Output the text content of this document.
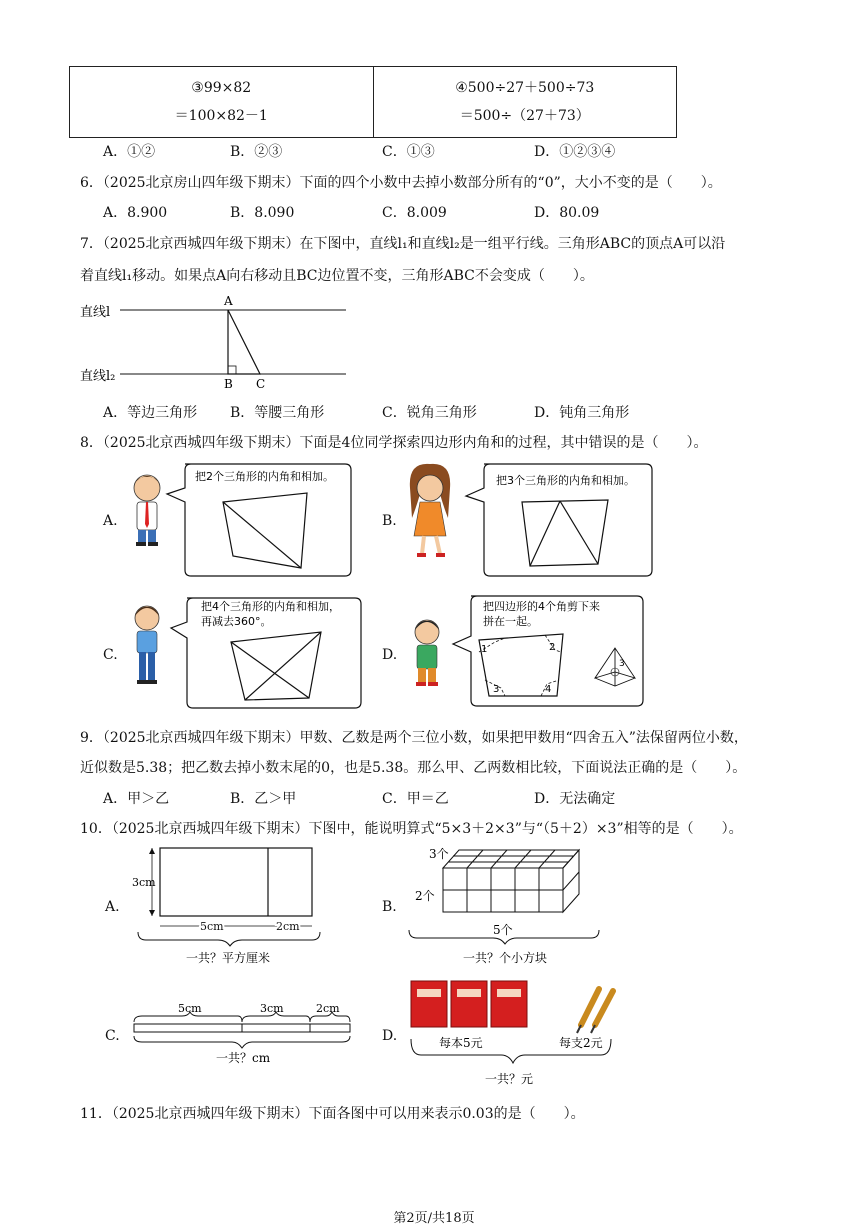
③99×82
＝100×82－1

④500÷27＋500÷73
＝500÷（27＋73）
A．①②	B．②③	C．①③	D．①②③④
6．（2025北京房山四年级下期末）下面的四个小数中去掉小数部分所有的“0”，大小不变的是（　　）。
A．8.900	B．8.090	C．8.009	D．80.09
7．（2025北京西城四年级下期末）在下图中，直线l₁和直线l₂是一组平行线。三角形ABC的顶点A可以沿
着直线l₁移动。如果点A向右移动且BC边位置不变，三角形ABC不会变成（　　）。
直线l
直线l₂
A
B C
A．等边三角形 B．等腰三角形	C．锐角三角形	D．钝角三角形
8．（2025北京西城四年级下期末）下面是4位同学探索四边形内角和的过程，其中错误的是（　　）。
A.
把2个三角形的内角和相加。
B.
把3个三角形的内角和相加。
C.
把4个三角形的内角和相加，
再减去360°。
D.
把四边形的4个角剪下来
拼在一起。
1	2
3	4
3
9．（2025北京西城四年级下期末）甲数、乙数是两个三位小数，如果把甲数用“四舍五入”法保留两位小数，
近似数是5.38；把乙数去掉小数末尾的0，也是5.38。那么甲、乙两数相比较，下面说法正确的是（　　）。
A．甲＞乙	B．乙＞甲	C．甲＝乙	D．无法确定
10．（2025北京西城四年级下期末）下图中，能说明算式“5×3＋2×3”与“（5＋2）×3”相等的是（　　）。
A.
3cm
5cm	2cm
一共？平方厘米
B.
3个
2个
5个
一共？个小方块
C.
5cm	3cm	2cm
一共？cm
D.	每本5元	每支2元
一共？元
11．（2025北京西城四年级下期末）下面各图中可以用来表示0.03的是（　　）。
第2页/共18页
